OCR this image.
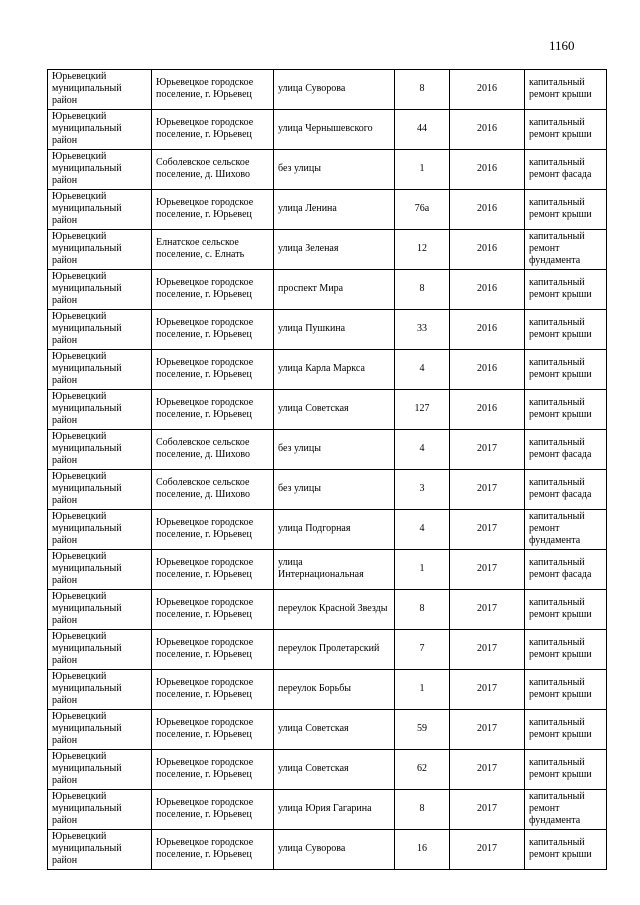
1160
Юрьевецкий муниципальный район	Юрьевецкое городское поселение, г. Юрьевец	улица Суворова	8	2016	капитальный ремонт крыши
Юрьевецкий муниципальный район	Юрьевецкое городское поселение, г. Юрьевец	улица Чернышевского	44	2016	капитальный ремонт крыши
Юрьевецкий муниципальный район	Соболевское сельское поселение, д. Шихово	без улицы	1	2016	капитальный ремонт фасада
Юрьевецкий муниципальный район	Юрьевецкое городское поселение, г. Юрьевец	улица Ленина	76а	2016	капитальный ремонт крыши
Юрьевецкий муниципальный район	Елнатское сельское поселение, с. Елнать	улица Зеленая	12	2016	капитальный ремонт фундамента
Юрьевецкий муниципальный район	Юрьевецкое городское поселение, г. Юрьевец	проспект Мира	8	2016	капитальный ремонт крыши
Юрьевецкий муниципальный район	Юрьевецкое городское поселение, г. Юрьевец	улица Пушкина	33	2016	капитальный ремонт крыши
Юрьевецкий муниципальный район	Юрьевецкое городское поселение, г. Юрьевец	улица Карла Маркса	4	2016	капитальный ремонт крыши
Юрьевецкий муниципальный район	Юрьевецкое городское поселение, г. Юрьевец	улица Советская	127	2016	капитальный ремонт крыши
Юрьевецкий муниципальный район	Соболевское сельское поселение, д. Шихово	без улицы	4	2017	капитальный ремонт фасада
Юрьевецкий муниципальный район	Соболевское сельское поселение, д. Шихово	без улицы	3	2017	капитальный ремонт фасада
Юрьевецкий муниципальный район	Юрьевецкое городское поселение, г. Юрьевец	улица Подгорная	4	2017	капитальный ремонт фундамента
Юрьевецкий муниципальный район	Юрьевецкое городское поселение, г. Юрьевец	улица Интернациональная	1	2017	капитальный ремонт фасада
Юрьевецкий муниципальный район	Юрьевецкое городское поселение, г. Юрьевец	переулок Красной Звезды	8	2017	капитальный ремонт крыши
Юрьевецкий муниципальный район	Юрьевецкое городское поселение, г. Юрьевец	переулок Пролетарский	7	2017	капитальный ремонт крыши
Юрьевецкий муниципальный район	Юрьевецкое городское поселение, г. Юрьевец	переулок Борьбы	1	2017	капитальный ремонт крыши
Юрьевецкий муниципальный район	Юрьевецкое городское поселение, г. Юрьевец	улица Советская	59	2017	капитальный ремонт крыши
Юрьевецкий муниципальный район	Юрьевецкое городское поселение, г. Юрьевец	улица Советская	62	2017	капитальный ремонт крыши
Юрьевецкий муниципальный район	Юрьевецкое городское поселение, г. Юрьевец	улица Юрия Гагарина	8	2017	капитальный ремонт фундамента
Юрьевецкий муниципальный район	Юрьевецкое городское поселение, г. Юрьевец	улица Суворова	16	2017	капитальный ремонт крыши
